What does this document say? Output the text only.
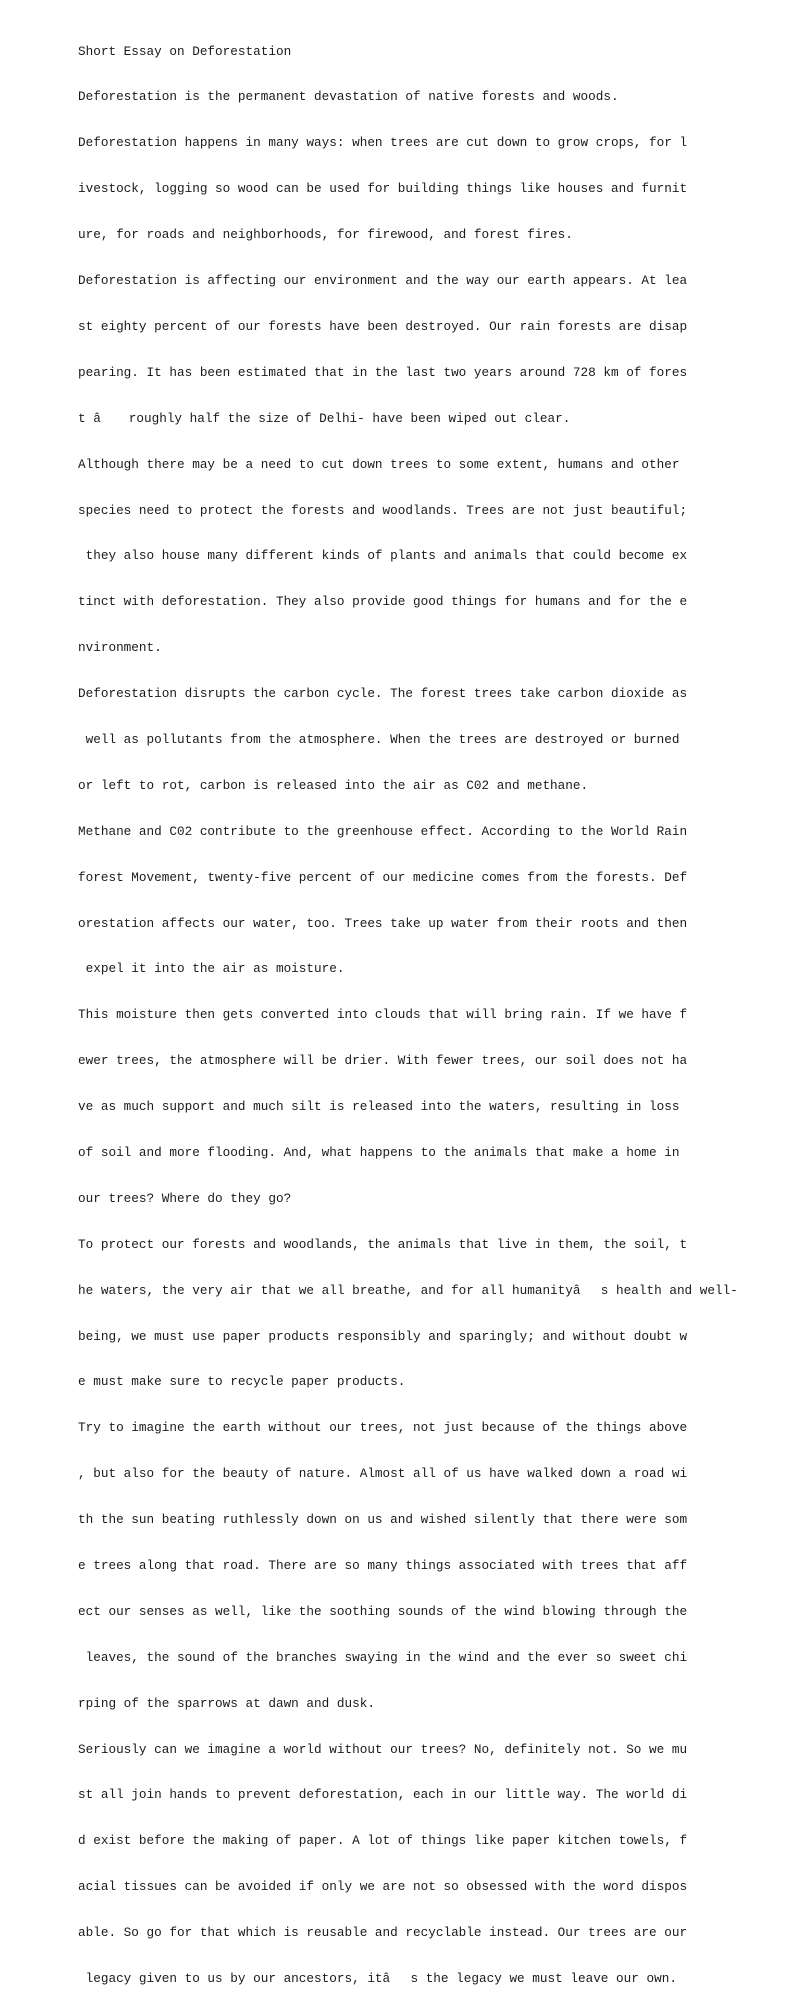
Short Essay on Deforestation

Deforestation is the permanent devastation of native forests and woods.

Deforestation happens in many ways: when trees are cut down to grow crops, for l

ivestock, logging so wood can be used for building things like houses and furnit

ure, for roads and neighborhoods, for firewood, and forest fires.

Deforestation is affecting our environment and the way our earth appears. At lea

st eighty percent of our forests have been destroyed. Our rain forests are disap

pearing. It has been estimated that in the last two years around 728 km of fores

t â roughly half the size of Delhi- have been wiped out clear.

Although there may be a need to cut down trees to some extent, humans and other

species need to protect the forests and woodlands. Trees are not just beautiful;

they also house many different kinds of plants and animals that could become ex

tinct with deforestation. They also provide good things for humans and for the e

nvironment.

Deforestation disrupts the carbon cycle. The forest trees take carbon dioxide as

well as pollutants from the atmosphere. When the trees are destroyed or burned

or left to rot, carbon is released into the air as C02 and methane.

Methane and C02 contribute to the greenhouse effect. According to the World Rain

forest Movement, twenty-five percent of our medicine comes from the forests. Def

orestation affects our water, too. Trees take up water from their roots and then

expel it into the air as moisture.

This moisture then gets converted into clouds that will bring rain. If we have f

ewer trees, the atmosphere will be drier. With fewer trees, our soil does not ha

ve as much support and much silt is released into the waters, resulting in loss

of soil and more flooding. And, what happens to the animals that make a home in

our trees? Where do they go?

To protect our forests and woodlands, the animals that live in them, the soil, t

he waters, the very air that we all breathe, and for all humanityâs health and well-

being, we must use paper products responsibly and sparingly; and without doubt w

e must make sure to recycle paper products.

Try to imagine the earth without our trees, not just because of the things above

, but also for the beauty of nature. Almost all of us have walked down a road wi

th the sun beating ruthlessly down on us and wished silently that there were som

e trees along that road. There are so many things associated with trees that aff

ect our senses as well, like the soothing sounds of the wind blowing through the

leaves, the sound of the branches swaying in the wind and the ever so sweet chi

rping of the sparrows at dawn and dusk.

Seriously can we imagine a world without our trees? No, definitely not. So we mu

st all join hands to prevent deforestation, each in our little way. The world di

d exist before the making of paper. A lot of things like paper kitchen towels, f

acial tissues can be avoided if only we are not so obsessed with the word dispos

able. So go for that which is reusable and recyclable instead. Our trees are our

legacy given to us by our ancestors, itâs the legacy we must leave our own.
